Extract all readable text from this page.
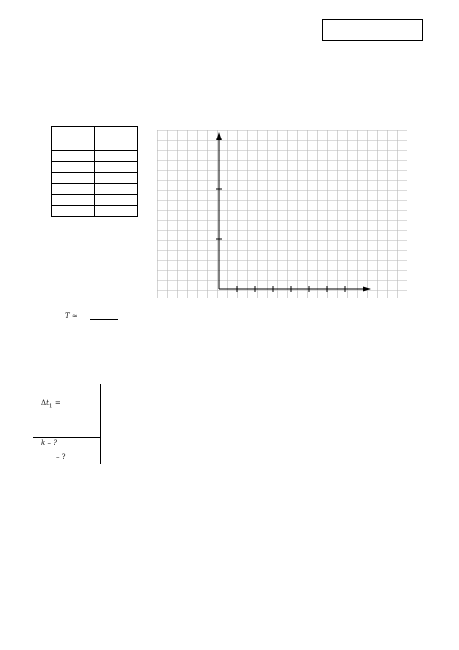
T ≈
$\Delta t_1$ =
k – ?
– ?
